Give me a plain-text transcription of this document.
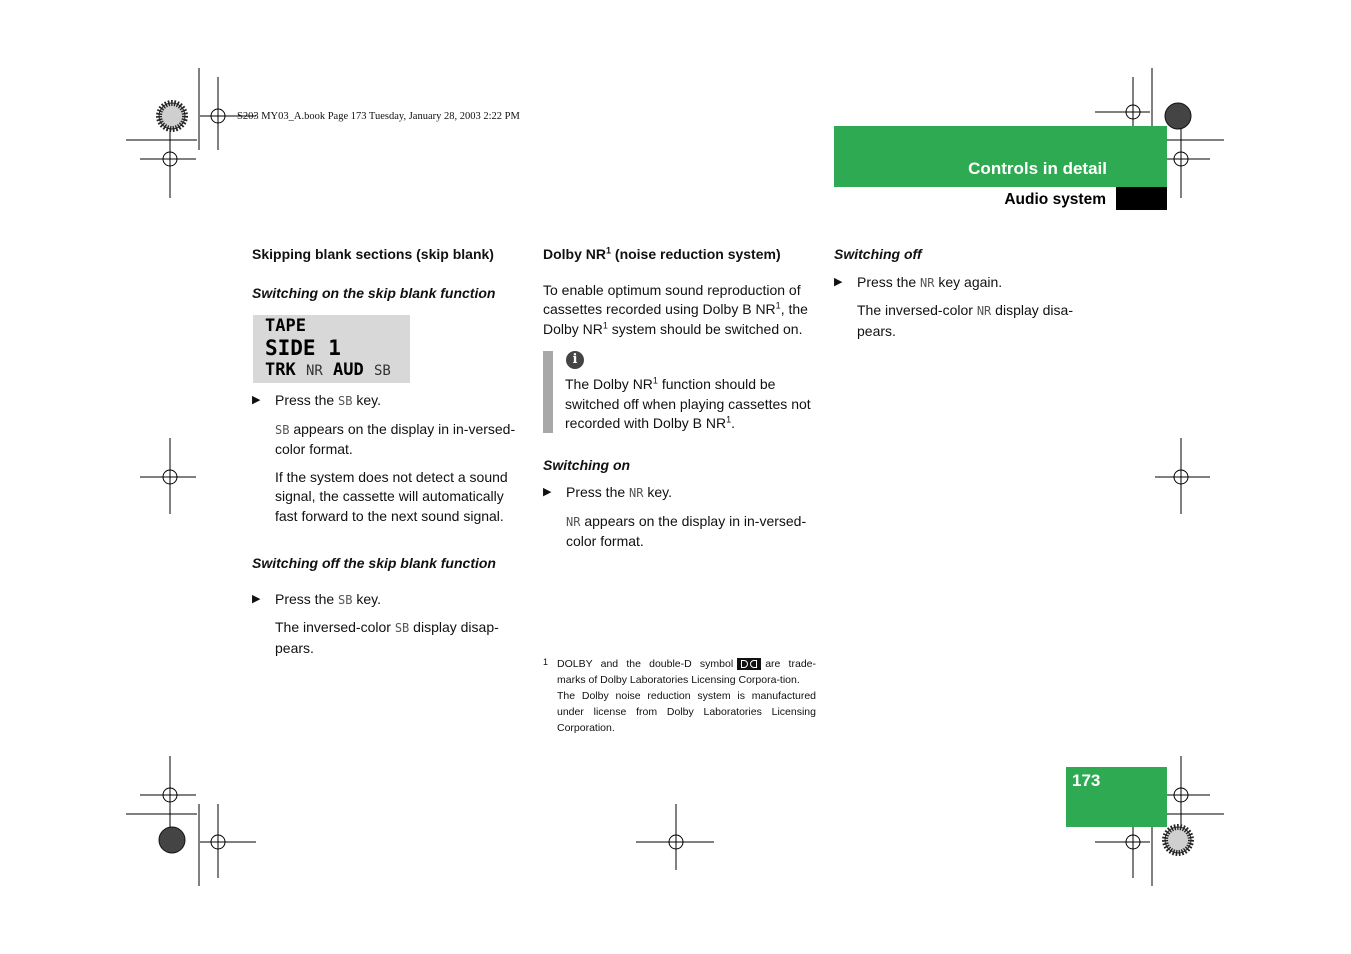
S203 MY03_A.book Page 173 Tuesday, January 28, 2003 2:22 PM
Controls in detail
Audio system
Skipping blank sections (skip blank)
Switching on the skip blank function
TAPE
SIDE 1
TRK NR AUD SB
▶ Press the SB key.
SB appears on the display in in-versed-color format.
If the system does not detect a sound signal, the cassette will automatically fast forward to the next sound signal.
Switching off the skip blank function
▶ Press the SB key.
The inversed-color SB display disap-pears.
Dolby $NR^1$ (noise reduction system)

To enable optimum sound reproduction of cassettes recorded using Dolby B $NR^1$, the Dolby $NR^1$ system should be switched on.

i
The Dolby $NR^1$ function should be switched off when playing cassettes not recorded with Dolby B $NR^1$.
Switching on
▶ Press the NR key.
NR appears on the display in in-versed-color format.
Switching off
▶ Press the NR key again.
The inversed-color NR display disa-pears.
1 DOLBY and the double-D symbol	are trade-marks of Dolby Laboratories Licensing Corpora-tion.
The Dolby noise reduction system is manufactured under license from Dolby Laboratories Licensing Corporation.
173
